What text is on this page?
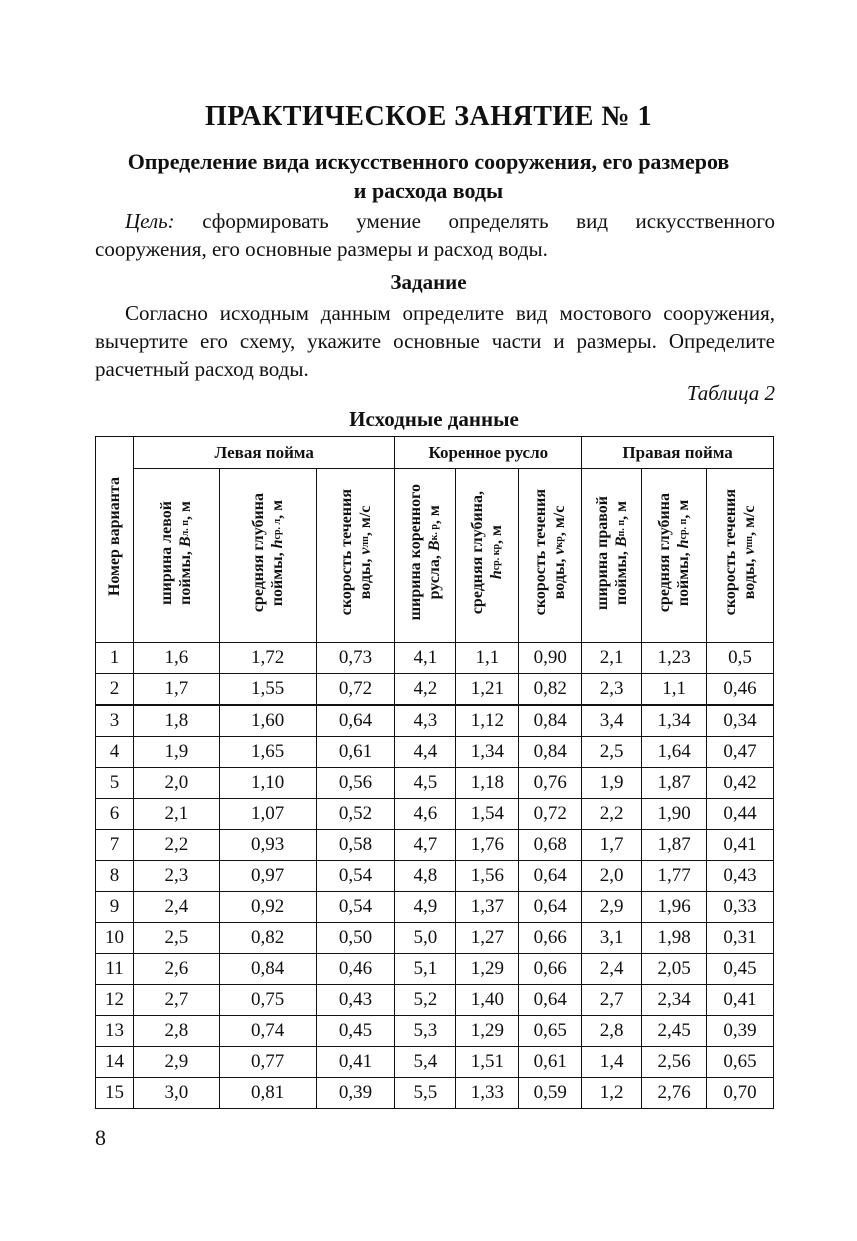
ПРАКТИЧЕСКОЕ ЗАНЯТИЕ № 1
Определение вида искусственного сооружения, его размеров
и расхода воды
Цель: сформировать умение определять вид искусственного сооружения, его основные размеры и расход воды.
Задание
Согласно исходным данным определите вид мостового сооружения, вычертите его схему, укажите основные части и размеры. Определите расчетный расход воды.
Таблица 2
Исходные данные
Номер варианта	Левая пойма			Коренное русло			Правая пойма		
	ширина левой поймы, Bл. п, м	средняя глубина поймы, hср. л, м	скорость течения воды, νлп, м/с	ширина коренного русла, Bк. р, м	средняя глубина, hср. кр, м	скорость течения воды, νкр, м/с	ширина правой поймы, Bп. п, м	средняя глубина поймы, hср. п, м	скорость течения воды, νпп, м/с
1	1,6	1,72	0,73	4,1	1,1	0,90	2,1	1,23	0,5
2	1,7	1,55	0,72	4,2	1,21	0,82	2,3	1,1	0,46
3	1,8	1,60	0,64	4,3	1,12	0,84	3,4	1,34	0,34
4	1,9	1,65	0,61	4,4	1,34	0,84	2,5	1,64	0,47
5	2,0	1,10	0,56	4,5	1,18	0,76	1,9	1,87	0,42
6	2,1	1,07	0,52	4,6	1,54	0,72	2,2	1,90	0,44
7	2,2	0,93	0,58	4,7	1,76	0,68	1,7	1,87	0,41
8	2,3	0,97	0,54	4,8	1,56	0,64	2,0	1,77	0,43
9	2,4	0,92	0,54	4,9	1,37	0,64	2,9	1,96	0,33
10	2,5	0,82	0,50	5,0	1,27	0,66	3,1	1,98	0,31
11	2,6	0,84	0,46	5,1	1,29	0,66	2,4	2,05	0,45
12	2,7	0,75	0,43	5,2	1,40	0,64	2,7	2,34	0,41
13	2,8	0,74	0,45	5,3	1,29	0,65	2,8	2,45	0,39
14	2,9	0,77	0,41	5,4	1,51	0,61	1,4	2,56	0,65
15	3,0	0,81	0,39	5,5	1,33	0,59	1,2	2,76	0,70
8
